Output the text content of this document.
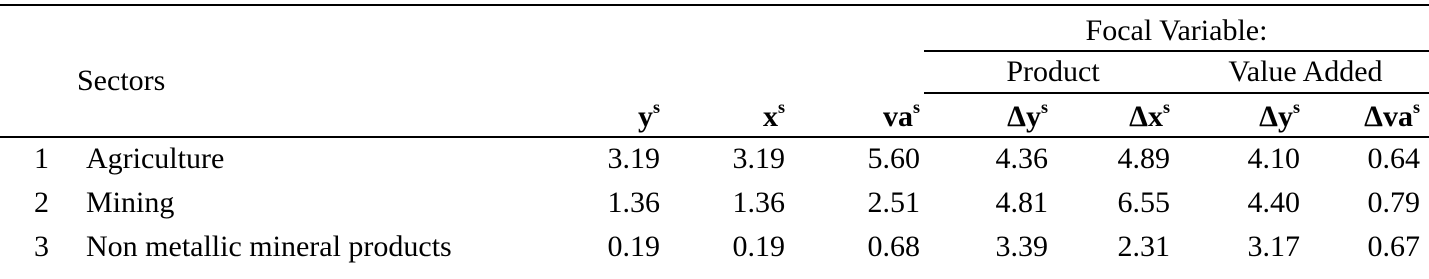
Focal Variable:
Product	Value Added
Sectors
$y^s$	$x^s$	$va^s$	$\Delta y^s$	$\Delta x^s$	$\Delta y^s$	Δva$^s$
1 Agriculture	3.19	3.19	5.60	4.36	4.89	4.10	0.64
2 Mining	1.36	1.36	2.51	4.81	6.55	4.40	0.79
3 Non metallic mineral products	0.19	0.19	0.68	3.39	2.31	3.17	0.67
